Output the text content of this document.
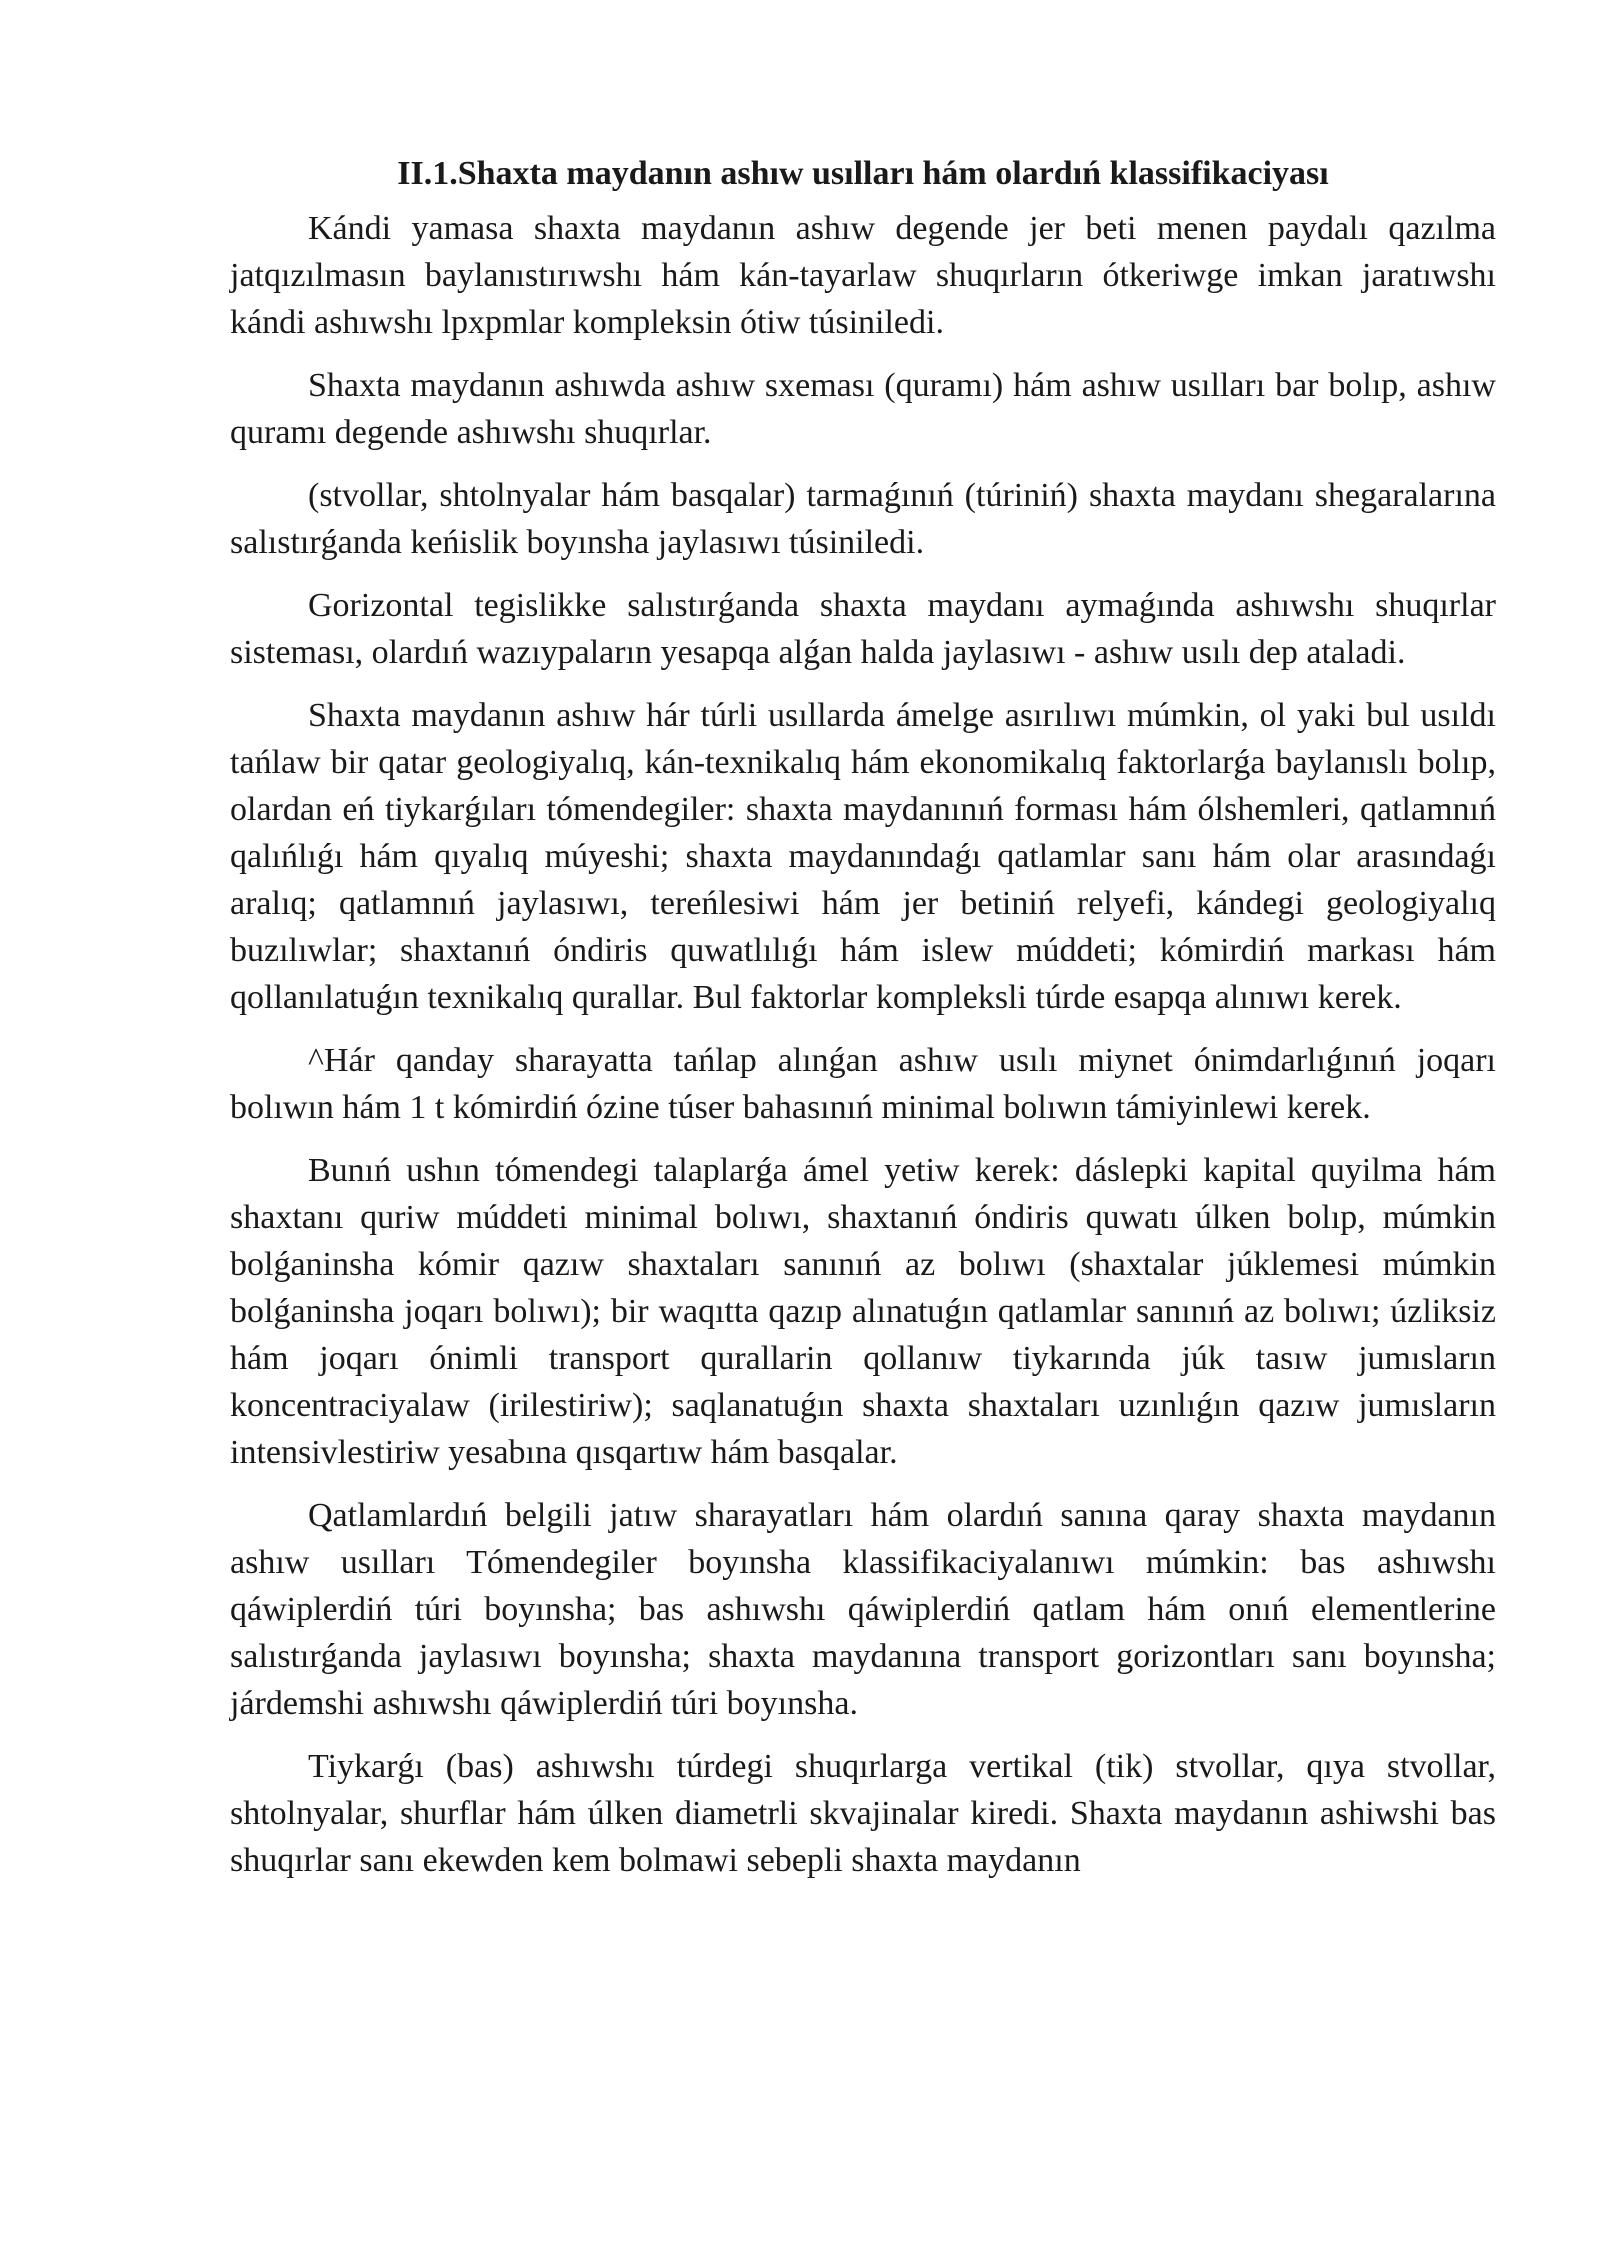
II.1.Shaxta maydanın ashıw usılları hám olardıń klassifikaciyası

Kándi yamasa shaxta maydanın ashıw degende jer beti menen paydalı qazılma jatqızılmasın baylanıstırıwshı hám kán-tayarlaw shuqırların ótkeriwge imkan jaratıwshı kándi ashıwshı lpxpmlar kompleksin ótiw túsiniledi.

Shaxta maydanın ashıwda ashıw sxeması (quramı) hám ashıw usılları bar bolıp, ashıw quramı degende ashıwshı shuqırlar.

(stvollar, shtolnyalar hám basqalar) tarmaǵınıń (túriniń) shaxta maydanı shegaralarına salıstırǵanda keńislik boyınsha jaylasıwı túsiniledi.

Gorizontal tegislikke salıstırǵanda shaxta maydanı aymaǵında ashıwshı shuqırlar sisteması, olardıń wazıypaların yesapqa alǵan halda jaylasıwı - ashıw usılı dep ataladi.

Shaxta maydanın ashıw hár túrli usıllarda ámelge asırılıwı múmkin, ol yaki bul usıldı tańlaw bir qatar geologiyalıq, kán-texnikalıq hám ekonomikalıq faktorlarǵa baylanıslı bolıp, olardan eń tiykarǵıları tómendegiler: shaxta maydanınıń forması hám ólshemleri, qatlamnıń qalıńlıǵı hám qıyalıq múyeshi; shaxta maydanındaǵı qatlamlar sanı hám olar arasındaǵı aralıq; qatlamnıń jaylasıwı, tereńlesiwi hám jer betiniń relyefi, kándegi geologiyalıq buzılıwlar; shaxtanıń óndiris quwatlılıǵı hám islew múddeti; kómirdiń markası hám qollanılatuǵın texnikalıq qurallar. Bul faktorlar kompleksli túrde esapqa alınıwı kerek.

^Hár qanday sharayatta tańlap alınǵan ashıw usılı miynet ónimdarlıǵınıń joqarı bolıwın hám 1 t kómirdiń ózine túser bahasınıń minimal bolıwın támiyinlewi kerek.

Bunıń ushın tómendegi talaplarǵa ámel yetiw kerek: dáslepki kapital quyilma hám shaxtanı quriw múddeti minimal bolıwı, shaxtanıń óndiris quwatı úlken bolıp, múmkin bolǵaninsha kómir qazıw shaxtaları sanınıń az bolıwı (shaxtalar júklemesi múmkin bolǵaninsha joqarı bolıwı); bir waqıtta qazıp alınatuǵın qatlamlar sanınıń az bolıwı; úzliksiz hám joqarı ónimli transport qurallarin qollanıw tiykarında júk tasıw jumısların koncentraciyalaw (irilestiriw); saqlanatuǵın shaxta shaxtaları uzınlıǵın qazıw jumısların intensivlestiriw yesabına qısqartıw hám basqalar.

Qatlamlardıń belgili jatıw sharayatları hám olardıń sanına qaray shaxta maydanın ashıw usılları Tómendegiler boyınsha klassifikaciyalanıwı múmkin: bas ashıwshı qáwiplerdiń túri boyınsha; bas ashıwshı qáwiplerdiń qatlam hám onıń elementlerine salıstırǵanda jaylasıwı boyınsha; shaxta maydanına transport gorizontları sanı boyınsha; járdemshi ashıwshı qáwiplerdiń túri boyınsha.

Tiykarǵı (bas) ashıwshı túrdegi shuqırlarga vertikal (tik) stvollar, qıya stvollar, shtolnyalar, shurflar hám úlken diametrli skvajinalar kiredi. Shaxta maydanın ashiwshi bas shuqırlar sanı ekewden kem bolmawi sebepli shaxta maydanın
